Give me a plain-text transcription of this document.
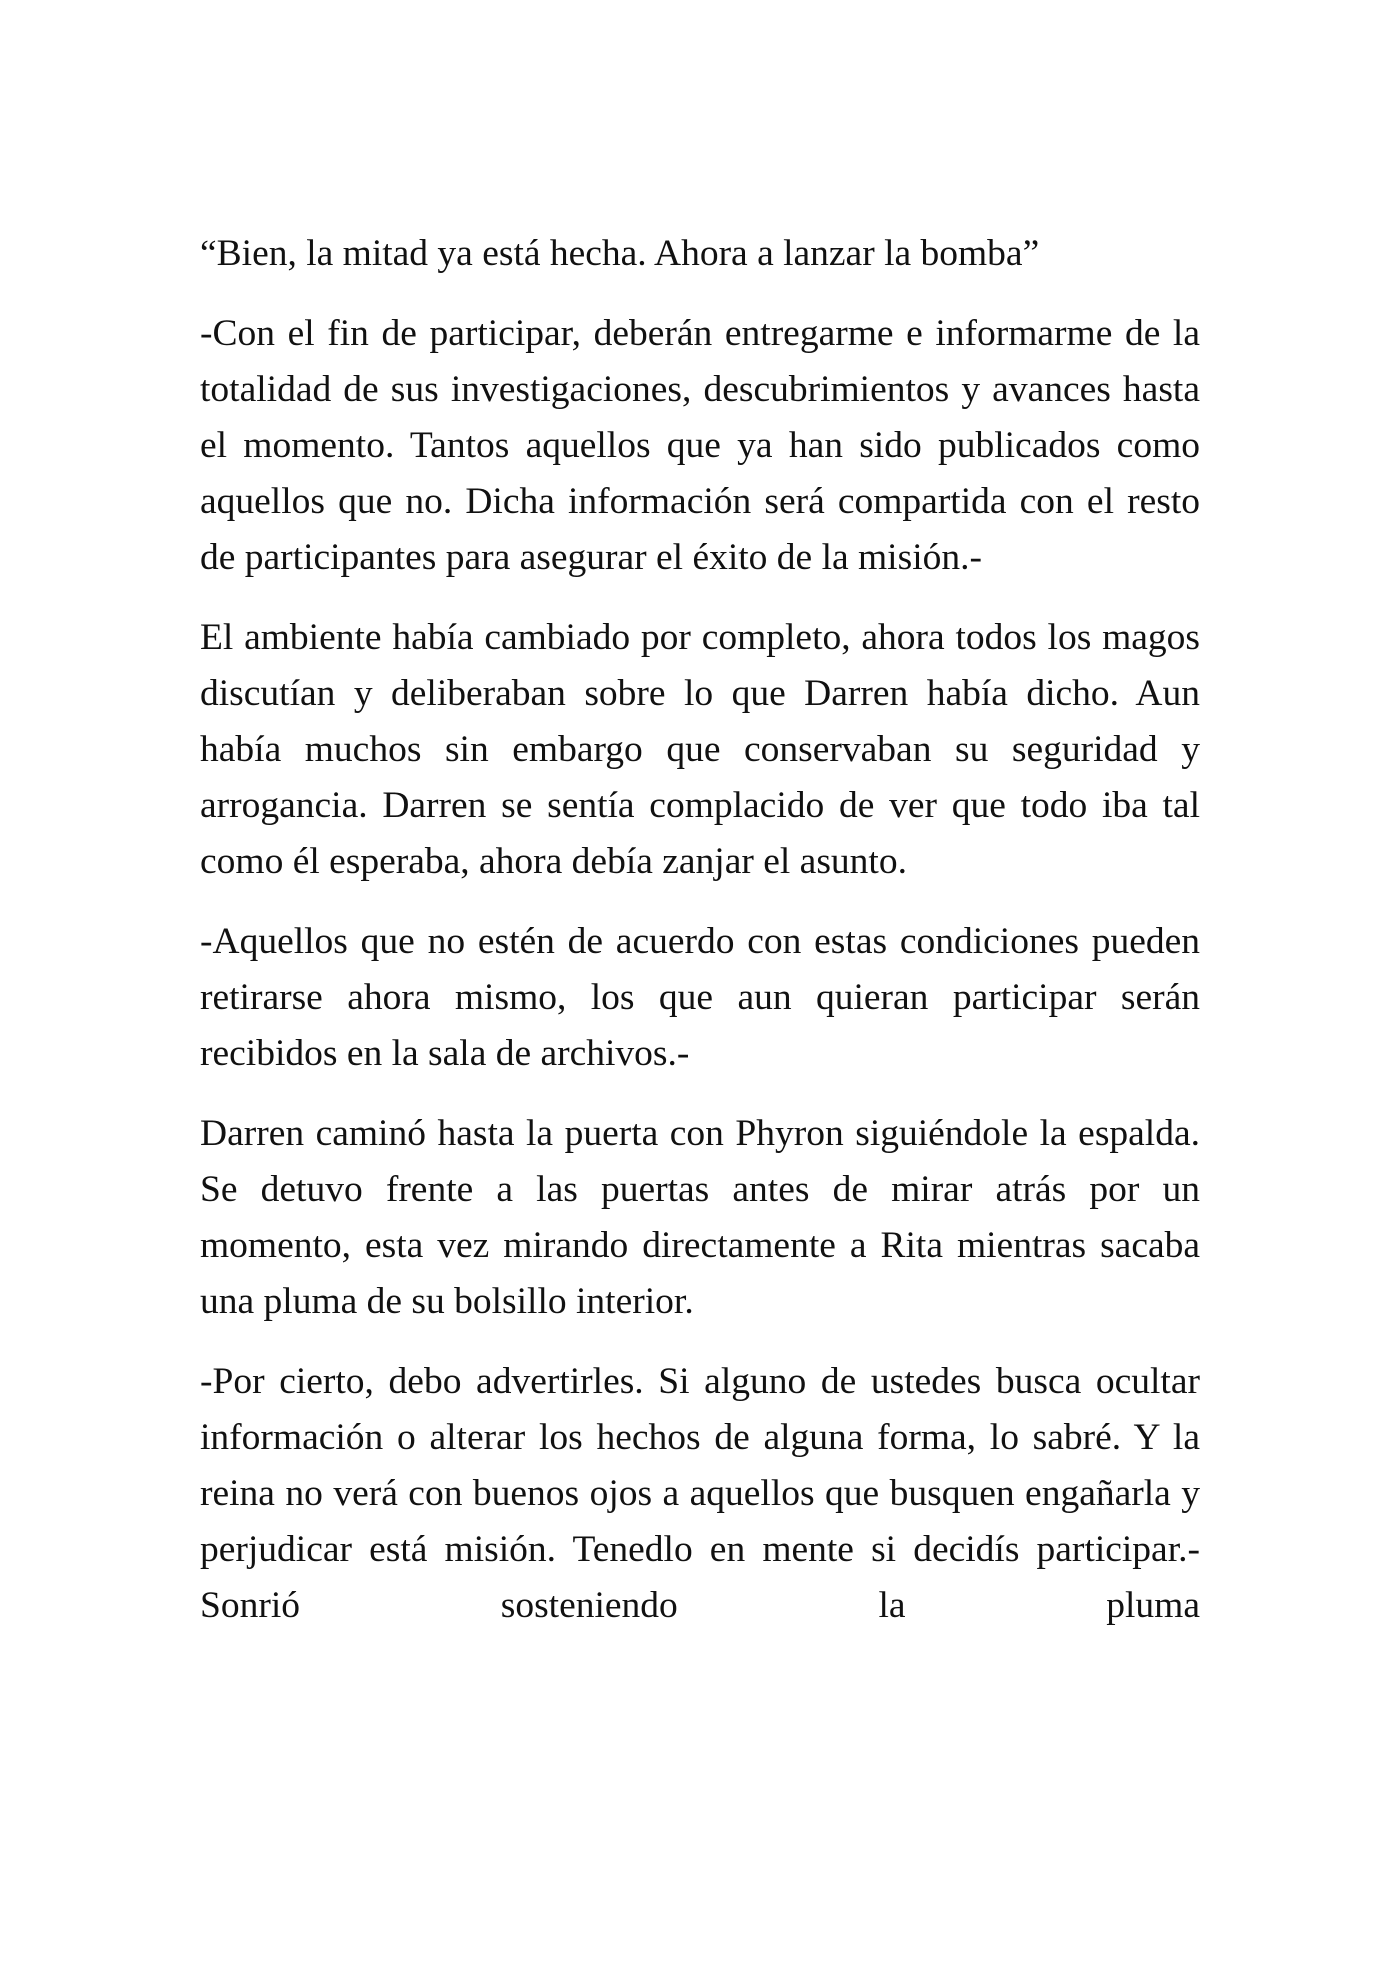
“Bien, la mitad ya está hecha. Ahora a lanzar la bomba”

-Con el fin de participar, deberán entregarme e informarme de la totalidad de sus investigaciones, descubrimientos y avances hasta el momento. Tantos aquellos que ya han sido publicados como aquellos que no. Dicha información será compartida con el resto de participantes para asegurar el éxito de la misión.-

El ambiente había cambiado por completo, ahora todos los magos discutían y deliberaban sobre lo que Darren había dicho. Aun había muchos sin embargo que conservaban su seguridad y arrogancia. Darren se sentía complacido de ver que todo iba tal como él esperaba, ahora debía zanjar el asunto.

-Aquellos que no estén de acuerdo con estas condiciones pueden retirarse ahora mismo, los que aun quieran participar serán recibidos en la sala de archivos.-

Darren caminó hasta la puerta con Phyron siguiéndole la espalda. Se detuvo frente a las puertas antes de mirar atrás por un momento, esta vez mirando directamente a Rita mientras sacaba una pluma de su bolsillo interior.

-Por cierto, debo advertirles. Si alguno de ustedes busca ocultar información o alterar los hechos de alguna forma, lo sabré. Y la reina no verá con buenos ojos a aquellos que busquen engañarla y perjudicar está misión. Tenedlo en mente si decidís participar.- Sonrió sosteniendo la pluma
